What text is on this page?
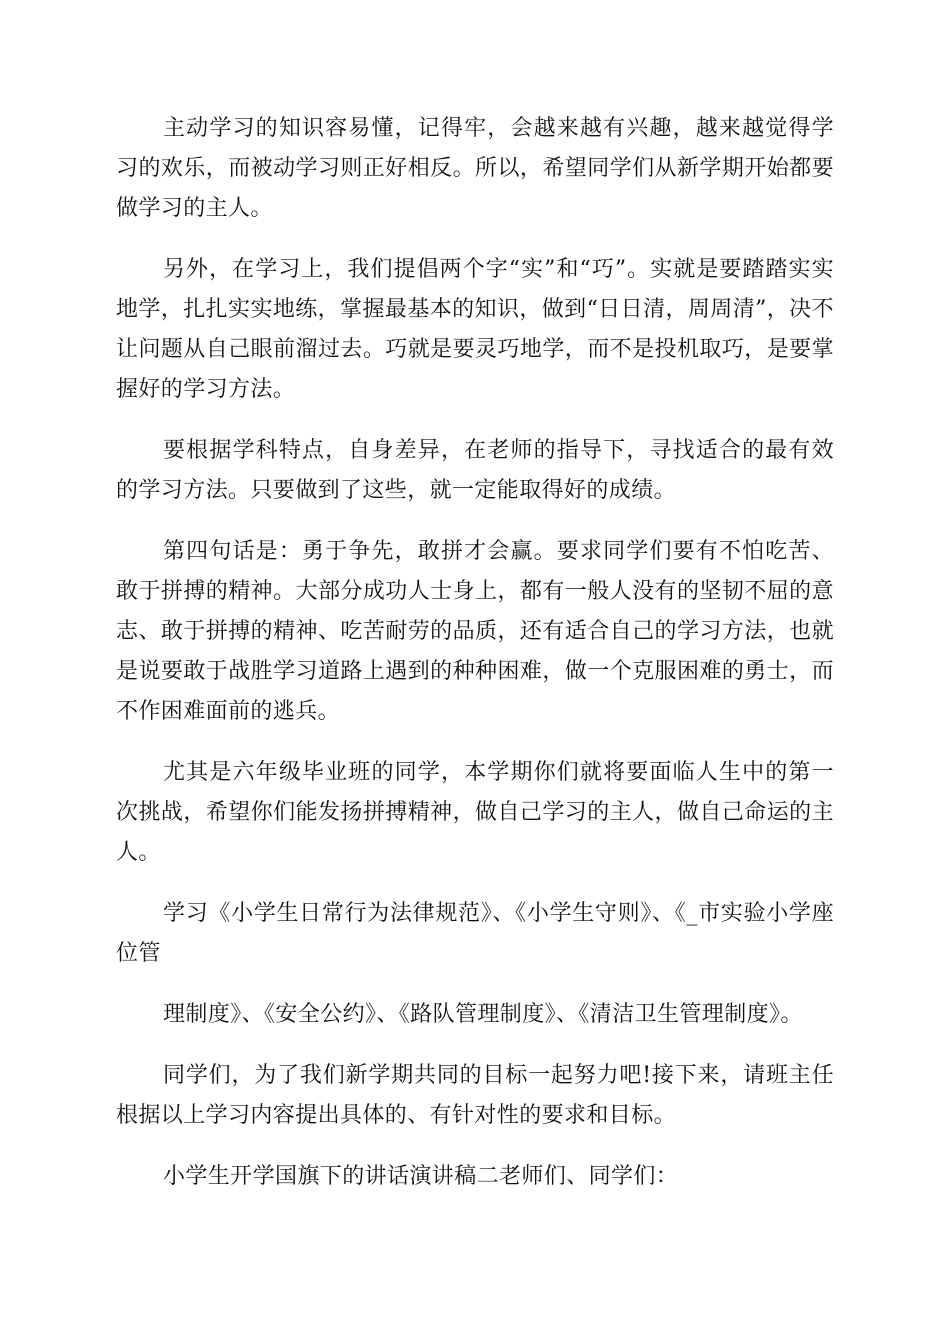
主动学习的知识容易懂，记得牢，会越来越有兴趣，越来越觉得学习的欢乐，而被动学习则正好相反。所以，希望同学们从新学期开始都要做学习的主人。

另外，在学习上，我们提倡两个字“实”和“巧”。实就是要踏踏实实地学，扎扎实实地练，掌握最基本的知识，做到“日日清，周周清”，决不让问题从自己眼前溜过去。巧就是要灵巧地学，而不是投机取巧，是要掌握好的学习方法。

要根据学科特点，自身差异，在老师的指导下，寻找适合的最有效的学习方法。只要做到了这些，就一定能取得好的成绩。

第四句话是：勇于争先，敢拼才会赢。要求同学们要有不怕吃苦、敢于拼搏的精神。大部分成功人士身上，都有一般人没有的坚韧不屈的意志、敢于拼搏的精神、吃苦耐劳的品质，还有适合自己的学习方法，也就是说要敢于战胜学习道路上遇到的种种困难，做一个克服困难的勇士，而不作困难面前的逃兵。

尤其是六年级毕业班的同学，本学期你们就将要面临人生中的第一次挑战，希望你们能发扬拼搏精神，做自己学习的主人，做自己命运的主人。

学习《小学生日常行为法律规范》、《小学生守则》、《_市实验小学座位管

理制度》、《安全公约》、《路队管理制度》、《清洁卫生管理制度》。

同学们，为了我们新学期共同的目标一起努力吧!接下来，请班主任根据以上学习内容提出具体的、有针对性的要求和目标。

小学生开学国旗下的讲话演讲稿二老师们、同学们：
